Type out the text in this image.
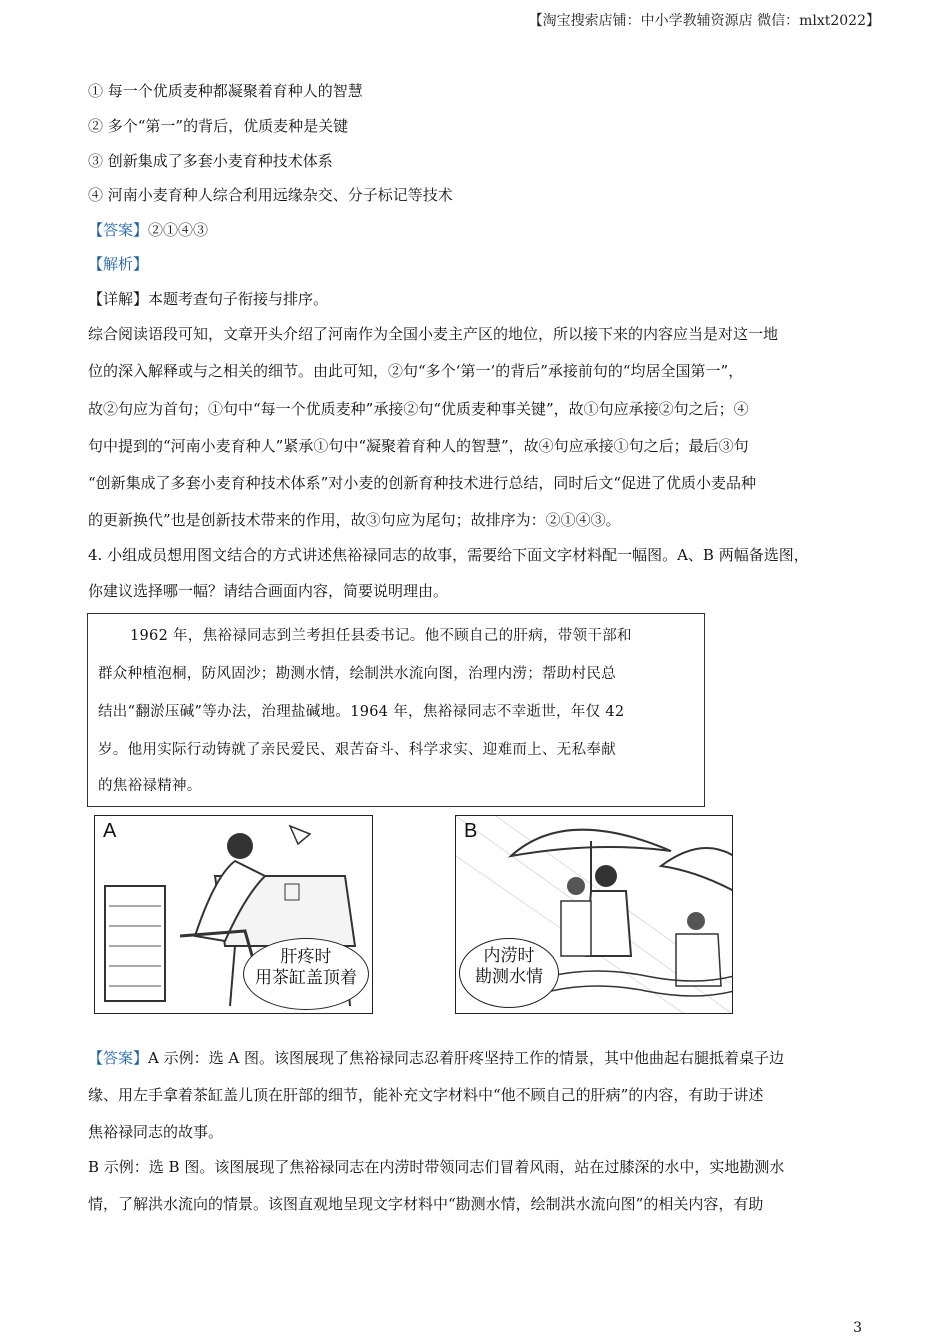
【淘宝搜索店铺：中小学教辅资源店 微信：mlxt2022】
① 每一个优质麦种都凝聚着育种人的智慧
② 多个“第一”的背后，优质麦种是关键
③ 创新集成了多套小麦育种技术体系
④ 河南小麦育种人综合利用远缘杂交、分子标记等技术
【答案】②①④③
【解析】
【详解】本题考查句子衔接与排序。
综合阅读语段可知，文章开头介绍了河南作为全国小麦主产区的地位，所以接下来的内容应当是对这一地
位的深入解释或与之相关的细节。由此可知，②句“多个‘第一’的背后”承接前句的“均居全国第一”，
故②句应为首句；①句中“每一个优质麦种”承接②句“优质麦种事关键”，故①句应承接②句之后；④
句中提到的“河南小麦育种人”紧承①句中“凝聚着育种人的智慧”，故④句应承接①句之后；最后③句
“创新集成了多套小麦育种技术体系”对小麦的创新育种技术进行总结，同时后文“促进了优质小麦品种
的更新换代”也是创新技术带来的作用，故③句应为尾句；故排序为：②①④③。
4. 小组成员想用图文结合的方式讲述焦裕禄同志的故事，需要给下面文字材料配一幅图。A、B 两幅备选图，
你建议选择哪一幅？请结合画面内容，简要说明理由。
1962 年，焦裕禄同志到兰考担任县委书记。他不顾自己的肝病，带领干部和
群众种植泡桐，防风固沙；勘测水情，绘制洪水流向图，治理内涝；帮助村民总
结出“翻淤压碱”等办法，治理盐碱地。1964 年，焦裕禄同志不幸逝世，年仅 42
岁。他用实际行动铸就了亲民爱民、艰苦奋斗、科学求实、迎难而上、无私奉献
的焦裕禄精神。
A
肝疼时
用茶缸盖顶着
B
内涝时
勘测水情
【答案】A 示例：选 A 图。该图展现了焦裕禄同志忍着肝疼坚持工作的情景，其中他曲起右腿抵着桌子边
缘、用左手拿着茶缸盖儿顶在肝部的细节，能补充文字材料中“他不顾自己的肝病”的内容，有助于讲述
焦裕禄同志的故事。
B 示例：选 B 图。该图展现了焦裕禄同志在内涝时带领同志们冒着风雨，站在过膝深的水中，实地勘测水
情，了解洪水流向的情景。该图直观地呈现文字材料中“勘测水情，绘制洪水流向图”的相关内容，有助
3
